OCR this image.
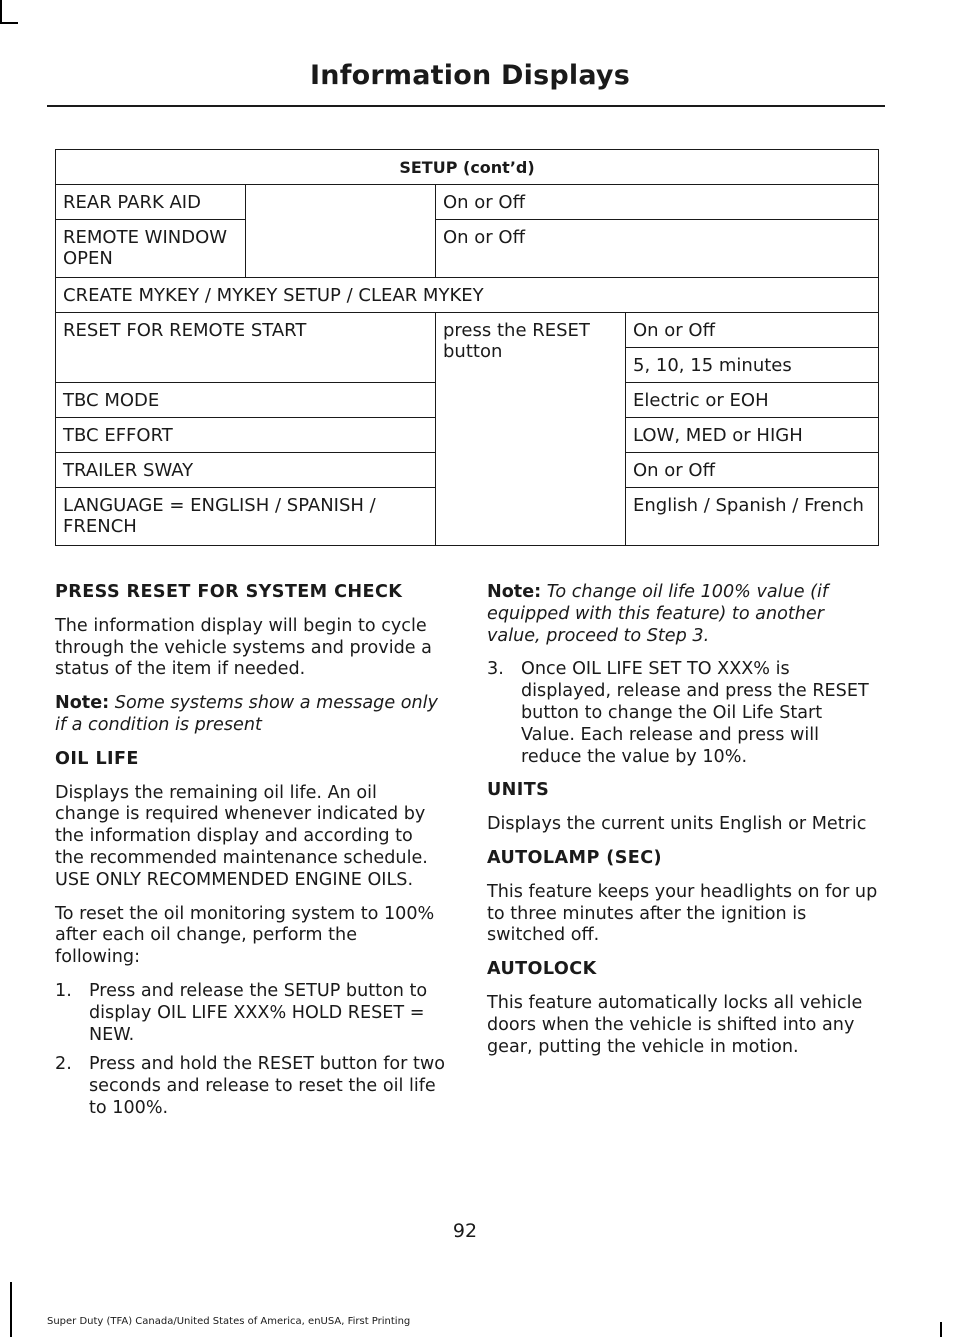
Information Displays
SETUP (cont’d)			
REAR PARK AID		On or Off	
REMOTE WINDOW OPEN		On or Off	
CREATE MYKEY / MYKEY SETUP / CLEAR MYKEY			
RESET FOR REMOTE START		press the RESET button	On or Off
			5, 10, 15 minutes
TBC MODE			Electric or EOH
TBC EFFORT			LOW, MED or HIGH
TRAILER SWAY			On or Off
LANGUAGE = ENGLISH / SPANISH / FRENCH			English / Spanish / French
PRESS RESET FOR SYSTEM CHECK

The information display will begin to cycle through the vehicle systems and provide a status of the item if needed.

Note: Some systems show a message only if a condition is present

OIL LIFE

Displays the remaining oil life. An oil change is required whenever indicated by the information display and according to the recommended maintenance schedule. USE ONLY RECOMMENDED ENGINE OILS.

To reset the oil monitoring system to 100% after each oil change, perform the following:

1. Press and release the SETUP button to display OIL LIFE XXX% HOLD RESET = NEW.
2. Press and hold the RESET button for two seconds and release to reset the oil life to 100%.

Note: To change oil life 100% value (if equipped with this feature) to another value, proceed to Step 3.

3. Once OIL LIFE SET TO XXX% is displayed, release and press the RESET button to change the Oil Life Start Value. Each release and press will reduce the value by 10%.
UNITS

Displays the current units English or Metric

AUTOLAMP (SEC)

This feature keeps your headlights on for up to three minutes after the ignition is switched off.

AUTOLOCK

This feature automatically locks all vehicle doors when the vehicle is shifted into any gear, putting the vehicle in motion.

92
Super Duty (TFA) Canada/United States of America, enUSA, First Printing
